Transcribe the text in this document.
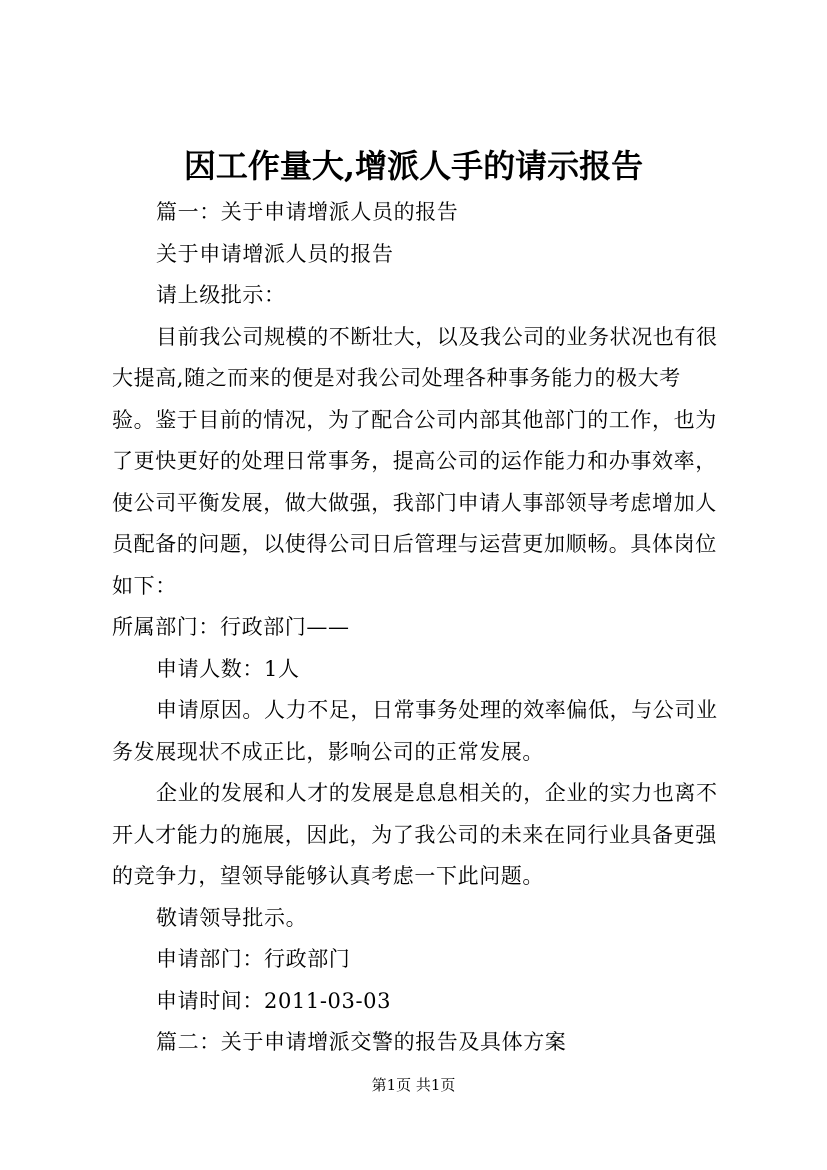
因工作量大,增派人手的请示报告

篇一：关于申请增派人员的报告

关于申请增派人员的报告

请上级批示：

目前我公司规模的不断壮大，以及我公司的业务状况也有很大提高,随之而来的便是对我公司处理各种事务能力的极大考验。鉴于目前的情况，为了配合公司内部其他部门的工作，也为了更快更好的处理日常事务，提高公司的运作能力和办事效率，使公司平衡发展，做大做强，我部门申请人事部领导考虑增加人员配备的问题，以使得公司日后管理与运营更加顺畅。具体岗位如下：

所属部门：行政部门——

申请人数：1人

申请原因。人力不足，日常事务处理的效率偏低，与公司业务发展现状不成正比，影响公司的正常发展。

企业的发展和人才的发展是息息相关的，企业的实力也离不开人才能力的施展，因此，为了我公司的未来在同行业具备更强的竞争力，望领导能够认真考虑一下此问题。

敬请领导批示。

申请部门：行政部门

申请时间：2011-03-03

篇二：关于申请增派交警的报告及具体方案

第1页 共1页
